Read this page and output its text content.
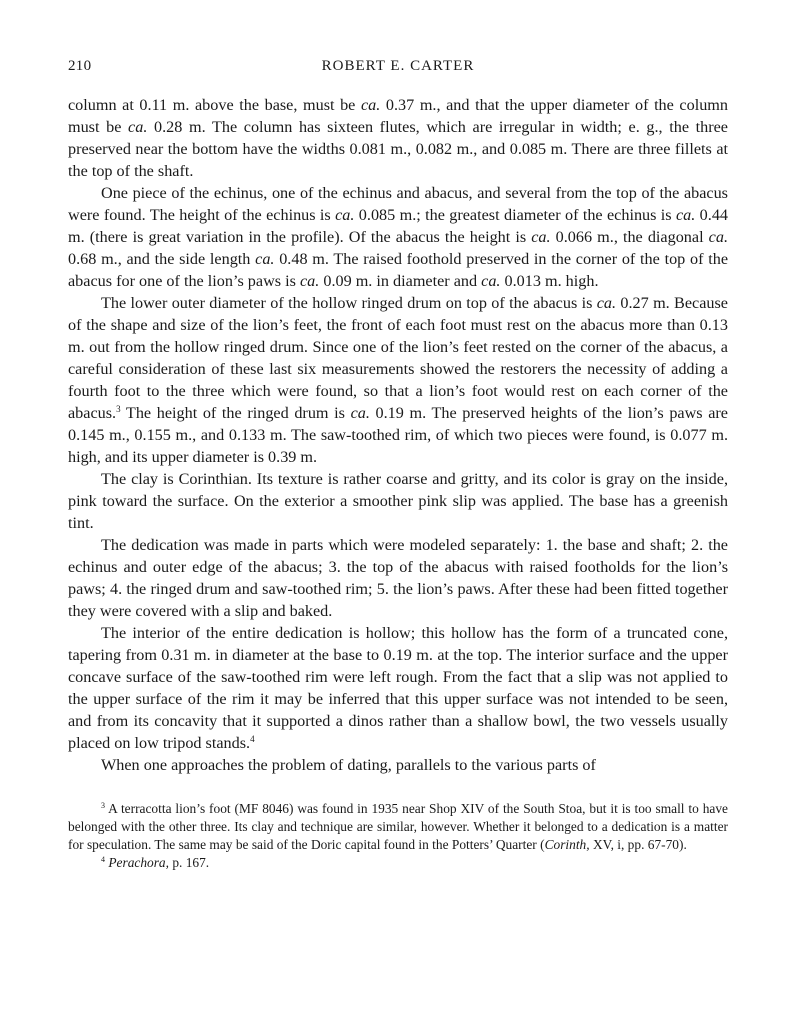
210	ROBERT E. CARTER

column at 0.11 m. above the base, must be ca. 0.37 m., and that the upper diameter of the column must be ca. 0.28 m. The column has sixteen flutes, which are irregular in width; e. g., the three preserved near the bottom have the widths 0.081 m., 0.082 m., and 0.085 m. There are three fillets at the top of the shaft.

One piece of the echinus, one of the echinus and abacus, and several from the top of the abacus were found. The height of the echinus is ca. 0.085 m.; the greatest diameter of the echinus is ca. 0.44 m. (there is great variation in the profile). Of the abacus the height is ca. 0.066 m., the diagonal ca. 0.68 m., and the side length ca. 0.48 m. The raised foothold preserved in the corner of the top of the abacus for one of the lion’s paws is ca. 0.09 m. in diameter and ca. 0.013 m. high.

The lower outer diameter of the hollow ringed drum on top of the abacus is ca. 0.27 m. Because of the shape and size of the lion’s feet, the front of each foot must rest on the abacus more than 0.13 m. out from the hollow ringed drum. Since one of the lion’s feet rested on the corner of the abacus, a careful consideration of these last six measurements showed the restorers the necessity of adding a fourth foot to the three which were found, so that a lion’s foot would rest on each corner of the abacus.$^3$ The height of the ringed drum is ca. 0.19 m. The preserved heights of the lion’s paws are 0.145 m., 0.155 m., and 0.133 m. The saw-toothed rim, of which two pieces were found, is 0.077 m. high, and its upper diameter is 0.39 m.

The clay is Corinthian. Its texture is rather coarse and gritty, and its color is gray on the inside, pink toward the surface. On the exterior a smoother pink slip was applied. The base has a greenish tint.

The dedication was made in parts which were modeled separately: 1. the base and shaft; 2. the echinus and outer edge of the abacus; 3. the top of the abacus with raised footholds for the lion’s paws; 4. the ringed drum and saw-toothed rim; 5. the lion’s paws. After these had been fitted together they were covered with a slip and baked.

The interior of the entire dedication is hollow; this hollow has the form of a truncated cone, tapering from 0.31 m. in diameter at the base to 0.19 m. at the top. The interior surface and the upper concave surface of the saw-toothed rim were left rough. From the fact that a slip was not applied to the upper surface of the rim it may be inferred that this upper surface was not intended to be seen, and from its concavity that it supported a dinos rather than a shallow bowl, the two vessels usually placed on low tripod stands.$^4$

When one approaches the problem of dating, parallels to the various parts of

$^3$ A terracotta lion’s foot (MF 8046) was found in 1935 near Shop XIV of the South Stoa, but it is too small to have belonged with the other three. Its clay and technique are similar, however. Whether it belonged to a dedication is a matter for speculation. The same may be said of the Doric capital found in the Potters’ Quarter (Corinth, XV, i, pp. 67-70).

$^4$ Perachora, p. 167.
